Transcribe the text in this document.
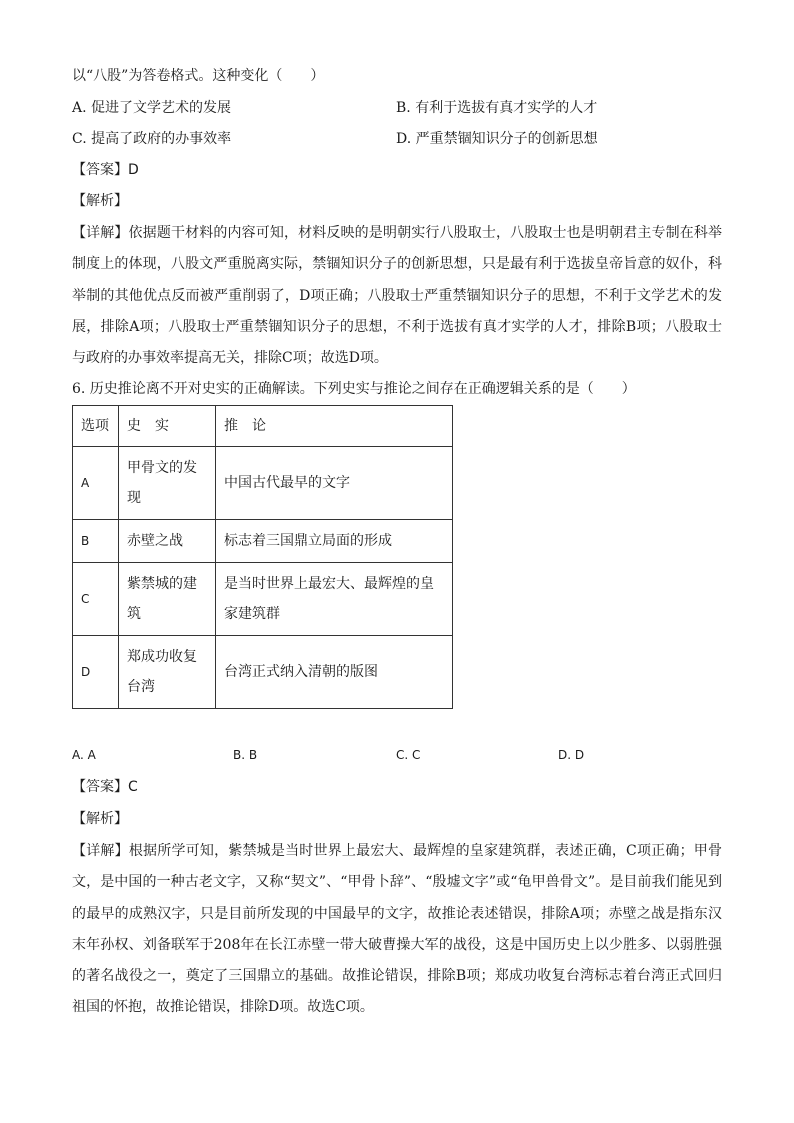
以“八股”为答卷格式。这种变化（　　）
A. 促进了文学艺术的发展	B. 有利于选拔有真才实学的人才
C. 提高了政府的办事效率	D. 严重禁锢知识分子的创新思想
【答案】D
【解析】
【详解】依据题干材料的内容可知，材料反映的是明朝实行八股取士，八股取士也是明朝君主专制在科举制度上的体现，八股文严重脱离实际，禁锢知识分子的创新思想，只是最有利于选拔皇帝旨意的奴仆，科举制的其他优点反而被严重削弱了，D项正确；八股取士严重禁锢知识分子的思想，不利于文学艺术的发展，排除A项；八股取士严重禁锢知识分子的思想，不利于选拔有真才实学的人才，排除B项；八股取士与政府的办事效率提高无关，排除C项；故选D项。
6. 历史推论离不开对史实的正确解读。下列史实与推论之间存在正确逻辑关系的是（　　）
选项	史　实	推　论
A	甲骨文的发现	中国古代最早的文字
B	赤壁之战	标志着三国鼎立局面的形成
C	紫禁城的建筑	是当时世界上最宏大、最辉煌的皇家建筑群
D	郑成功收复台湾	台湾正式纳入清朝的版图
A. A	B. B	C. C	D. D
【答案】C
【解析】
【详解】根据所学可知，紫禁城是当时世界上最宏大、最辉煌的皇家建筑群，表述正确，C项正确；甲骨文，是中国的一种古老文字，又称“契文”、“甲骨卜辞”、“殷墟文字”或“龟甲兽骨文”。是目前我们能见到的最早的成熟汉字，只是目前所发现的中国最早的文字，故推论表述错误，排除A项；赤壁之战是指东汉末年孙权、刘备联军于208年在长江赤壁一带大破曹操大军的战役，这是中国历史上以少胜多、以弱胜强的著名战役之一，奠定了三国鼎立的基础。故推论错误，排除B项；郑成功收复台湾标志着台湾正式回归祖国的怀抱，故推论错误，排除D项。故选C项。
